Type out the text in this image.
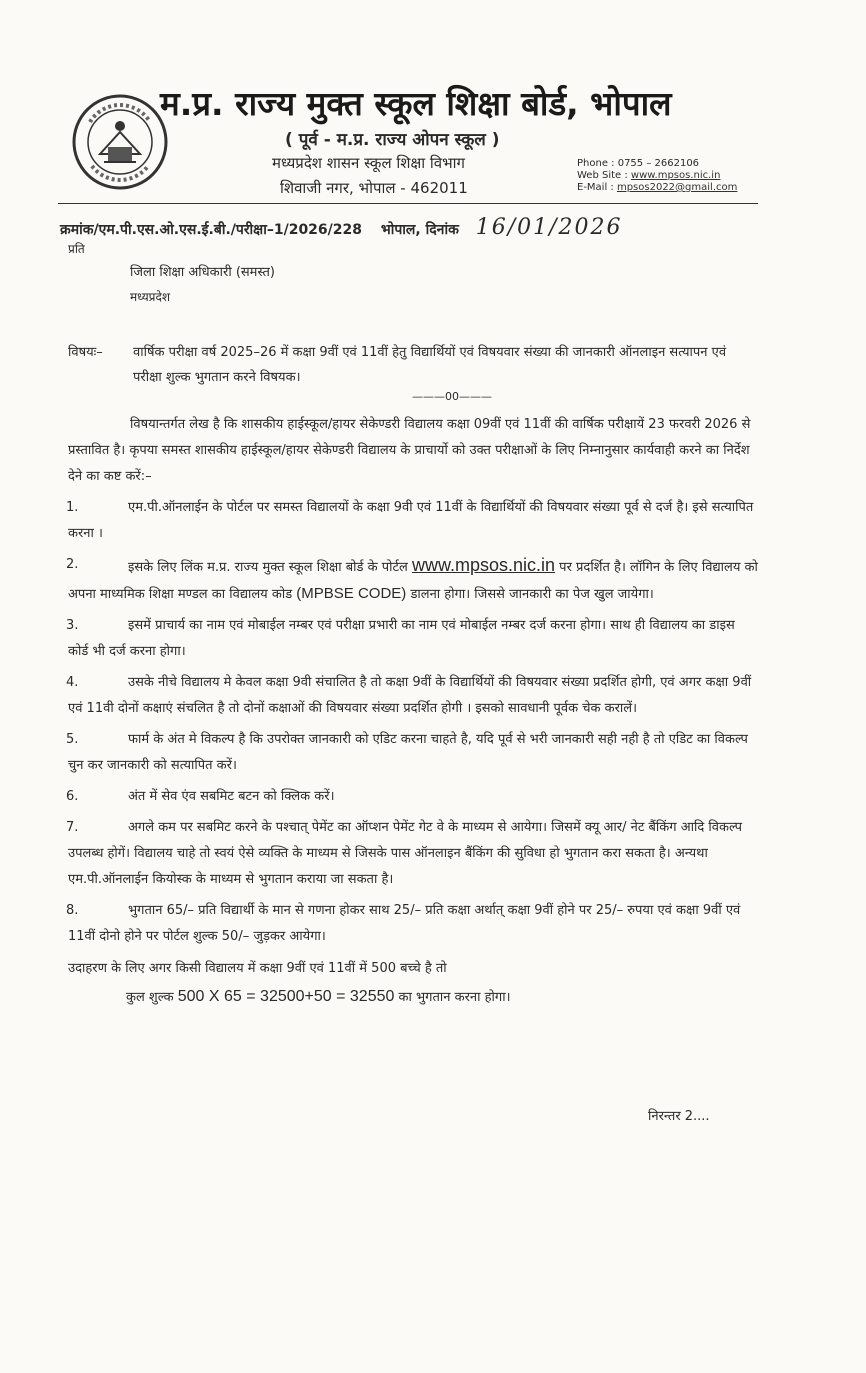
म.प्र. राज्य मुक्त स्कूल शिक्षा बोर्ड, भोपाल
( पूर्व - म.प्र. राज्य ओपन स्कूल )
मध्यप्रदेश शासन स्कूल शिक्षा विभाग
शिवाजी नगर, भोपाल - 462011
Phone : 0755 – 2662106
Web Site : www.mpsos.nic.in
E-Mail : mpsos2022@gmail.com
क्रमांक/एम.पी.एस.ओ.एस.ई.बी./परीक्षा–1/2026/228 भोपाल, दिनांक 16/01/2026
प्रति
जिला शिक्षा अधिकारी (समस्त)
मध्यप्रदेश
विषयः– वार्षिक परीक्षा वर्ष 2025–26 में कक्षा 9वीं एवं 11वीं हेतु विद्यार्थियों एवं विषयवार संख्या की जानकारी ऑनलाइन सत्यापन एवं परीक्षा शुल्क भुगतान करने विषयक।
———00———

विषयान्तर्गत लेख है कि शासकीय हाईस्कूल/हायर सेकेण्डरी विद्यालय कक्षा 09वीं एवं 11वीं की वार्षिक परीक्षायें 23 फरवरी 2026 से प्रस्तावित है। कृपया समस्त शासकीय हाईस्कूल/हायर सेकेण्डरी विद्यालय के प्राचार्यो को उक्त परीक्षाओं के लिए निम्नानुसार कार्यवाही करने का निर्देश देने का कष्ट करें:–

1.	एम.पी.ऑनलाईन के पोर्टल पर समस्त विद्यालयों के कक्षा 9वी एवं 11वीं के विद्यार्थियों की विषयवार संख्या पूर्व से दर्ज है। इसे सत्यापित करना ।

2.	इसके लिए लिंक म.प्र. राज्य मुक्त स्कूल शिक्षा बोर्ड के पोर्टल www.mpsos.nic.in पर प्रदर्शित है। लॉगिन के लिए विद्यालय को अपना माध्यमिक शिक्षा मण्डल का विद्यालय कोड (MPBSE CODE) डालना होगा। जिससे जानकारी का पेज खुल जायेगा।

3.	इसमें प्राचार्य का नाम एवं मोबाईल नम्बर एवं परीक्षा प्रभारी का नाम एवं मोबाईल नम्बर दर्ज करना होगा। साथ ही विद्यालय का डाइस कोर्ड भी दर्ज करना होगा।

4.	उसके नीचे विद्यालय मे केवल कक्षा 9वी संचालित है तो कक्षा 9वीं के विद्यार्थियों की विषयवार संख्या प्रदर्शित होगी, एवं अगर कक्षा 9वीं एवं 11वी दोनों कक्षाएं संचलित है तो दोनों कक्षाओं की विषयवार संख्या प्रदर्शित होगी । इसको सावधानी पूर्वक चेक करालें।

5.	फार्म के अंत मे विकल्प है कि उपरोक्त जानकारी को एडिट करना चाहते है, यदि पूर्व से भरी जानकारी सही नही है तो एडिट का विकल्प चुन कर जानकारी को सत्यापित करें।

6.	अंत में सेव एंव सबमिट बटन को क्लिक करें।

7.	अगले कम पर सबमिट करने के पश्चात् पेमेंट का ऑप्शन पेमेंट गेट वे के माध्यम से आयेगा। जिसमें क्यू आर/ नेट बैंकिंग आदि विकल्प उपलब्ध होगें। विद्यालय चाहे तो स्वयं ऐसे व्यक्ति के माध्यम से जिसके पास ऑनलाइन बैंकिंग की सुविधा हो भुगतान करा सकता है। अन्यथा एम.पी.ऑनलाईन कियोस्क के माध्यम से भुगतान कराया जा सकता है।

8.	भुगतान 65/– प्रति विद्यार्थी के मान से गणना होकर साथ 25/– प्रति कक्षा अर्थात् कक्षा 9वीं होने पर 25/– रुपया एवं कक्षा 9वीं एवं 11वीं दोनो होने पर पोर्टल शुल्क 50/– जुड़कर आयेगा।

उदाहरण के लिए अगर किसी विद्यालय में कक्षा 9वीं एवं 11वीं में 500 बच्चे है तो

कुल शुल्क 500 X 65 = 32500+50 = 32550 का भुगतान करना होगा।

निरन्तर 2....
